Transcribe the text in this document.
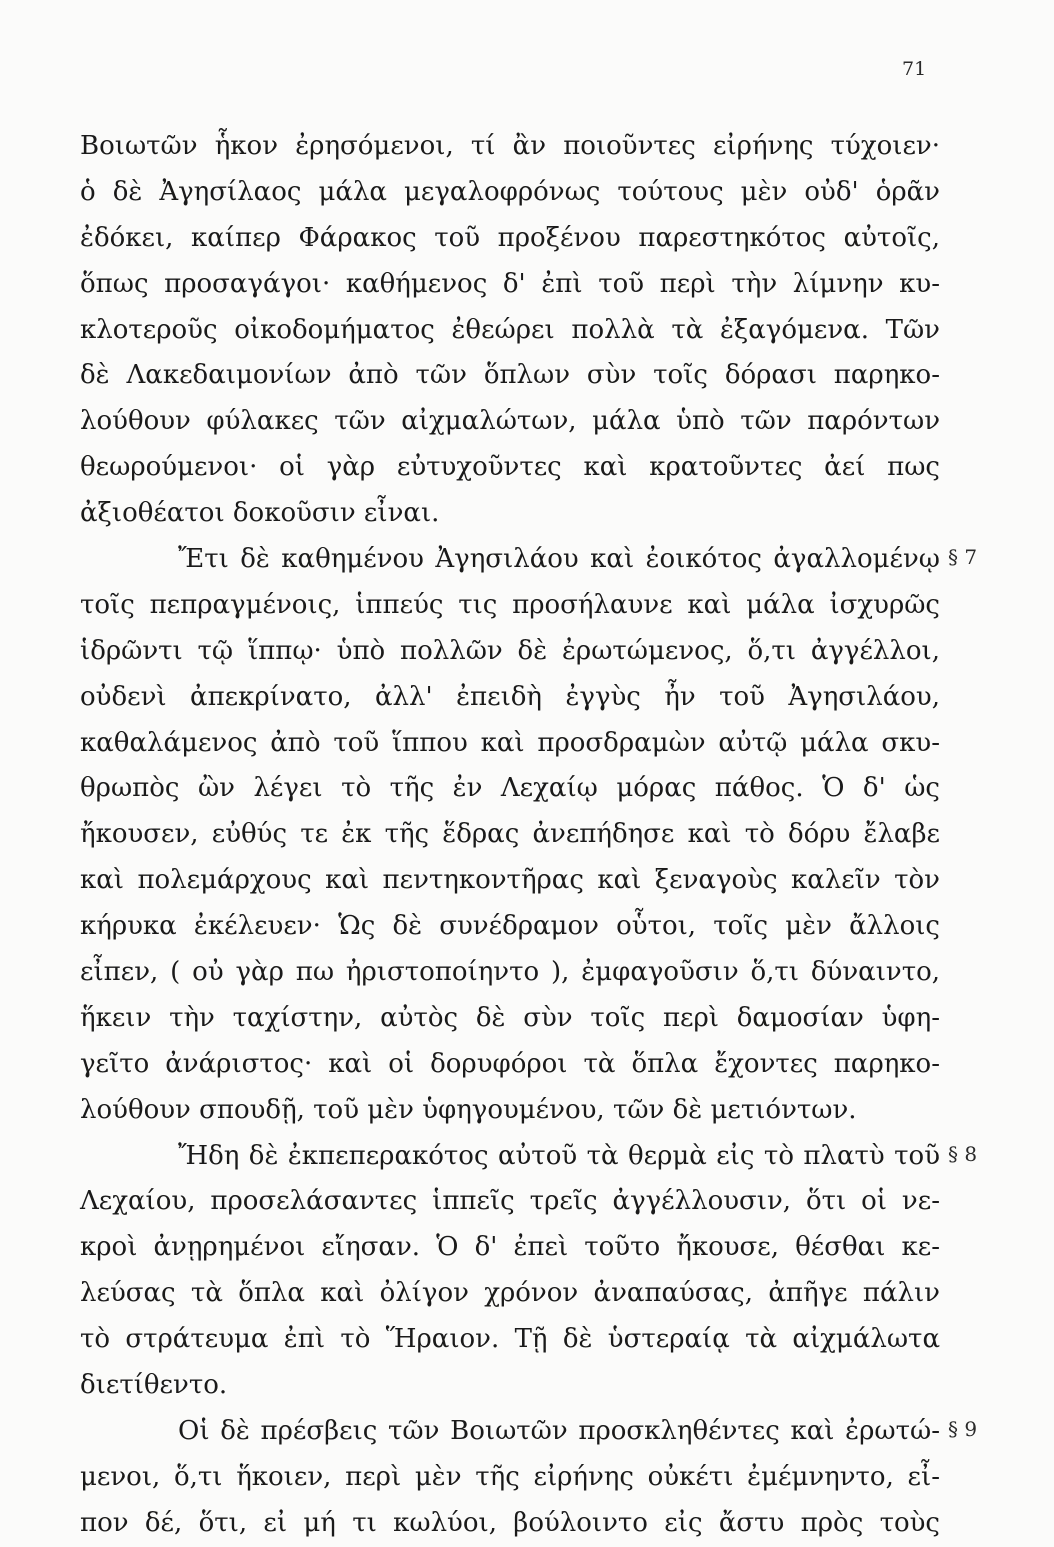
71
Βοιωτῶν ἧκον ἐρησόμενοι, τί ἂν ποιοῦντες εἰρήνης τύχοιεν·
ὁ δὲ Ἀγησίλαος μάλα μεγαλοφρόνως τούτους μὲν οὐδ' ὁρᾶν
ἐδόκει, καίπερ Φάρακος τοῦ προξένου παρεστηκότος αὐτοῖς,
ὅπως προσαγάγοι· καθήμενος δ' ἐπὶ τοῦ περὶ τὴν λίμνην κυ-
κλοτεροῦς οἰκοδομήματος ἐθεώρει πολλὰ τὰ ἐξαγόμενα. Τῶν
δὲ Λακεδαιμονίων ἀπὸ τῶν ὅπλων σὺν τοῖς δόρασι παρηκο-
λούθουν φύλακες τῶν αἰχμαλώτων, μάλα ὑπὸ τῶν παρόντων
θεωρούμενοι· οἱ γὰρ εὐτυχοῦντες καὶ κρατοῦντες ἀεί πως
ἀξιοθέατοι δοκοῦσιν εἶναι.
Ἔτι δὲ καθημένου Ἀγησιλάου καὶ ἐοικότος ἀγαλλομένῳ
τοῖς πεπραγμένοις, ἱππεύς τις προσήλαυνε καὶ μάλα ἰσχυρῶς
ἱδρῶντι τῷ ἵππῳ· ὑπὸ πολλῶν δὲ ἐρωτώμενος, ὅ,τι ἀγγέλλοι,
οὐδενὶ ἀπεκρίνατο, ἀλλ' ἐπειδὴ ἐγγὺς ἦν τοῦ Ἀγησιλάου,
καθαλάμενος ἀπὸ τοῦ ἵππου καὶ προσδραμὼν αὐτῷ μάλα σκυ-
θρωπὸς ὢν λέγει τὸ τῆς ἐν Λεχαίῳ μόρας πάθος. Ὁ δ' ὡς
ἤκουσεν, εὐθύς τε ἐκ τῆς ἕδρας ἀνεπήδησε καὶ τὸ δόρυ ἔλαβε
καὶ πολεμάρχους καὶ πεντηκοντῆρας καὶ ξεναγοὺς καλεῖν τὸν
κήρυκα ἐκέλευεν· Ὡς δὲ συνέδραμον οὗτοι, τοῖς μὲν ἄλλοις
εἶπεν, ( οὐ γὰρ πω ἠριστοποίηντο ), ἐμφαγοῦσιν ὅ,τι δύναιντο,
ἥκειν τὴν ταχίστην, αὐτὸς δὲ σὺν τοῖς περὶ δαμοσίαν ὑφη-
γεῖτο ἀνάριστος· καὶ οἱ δορυφόροι τὰ ὅπλα ἔχοντες παρηκο-
λούθουν σπουδῇ, τοῦ μὲν ὑφηγουμένου, τῶν δὲ μετιόντων.
Ἤδη δὲ ἐκπεπερακότος αὐτοῦ τὰ θερμὰ εἰς τὸ πλατὺ τοῦ
Λεχαίου, προσελάσαντες ἱππεῖς τρεῖς ἀγγέλλουσιν, ὅτι οἱ νε-
κροὶ ἀνῃρημένοι εἴησαν. Ὁ δ' ἐπεὶ τοῦτο ἤκουσε, θέσθαι κε-
λεύσας τὰ ὅπλα καὶ ὀλίγον χρόνον ἀναπαύσας, ἀπῆγε πάλιν
τὸ στράτευμα ἐπὶ τὸ Ἥραιον. Τῇ δὲ ὑστεραίᾳ τὰ αἰχμάλωτα
διετίθεντο.
Οἱ δὲ πρέσβεις τῶν Βοιωτῶν προσκληθέντες καὶ ἐρωτώ-
μενοι, ὅ,τι ἥκοιεν, περὶ μὲν τῆς εἰρήνης οὐκέτι ἐμέμνηντο, εἶ-
πον δέ, ὅτι, εἰ μή τι κωλύοι, βούλοιντο εἰς ἄστυ πρὸς τοὺς
§ 7
§ 8
§ 9
